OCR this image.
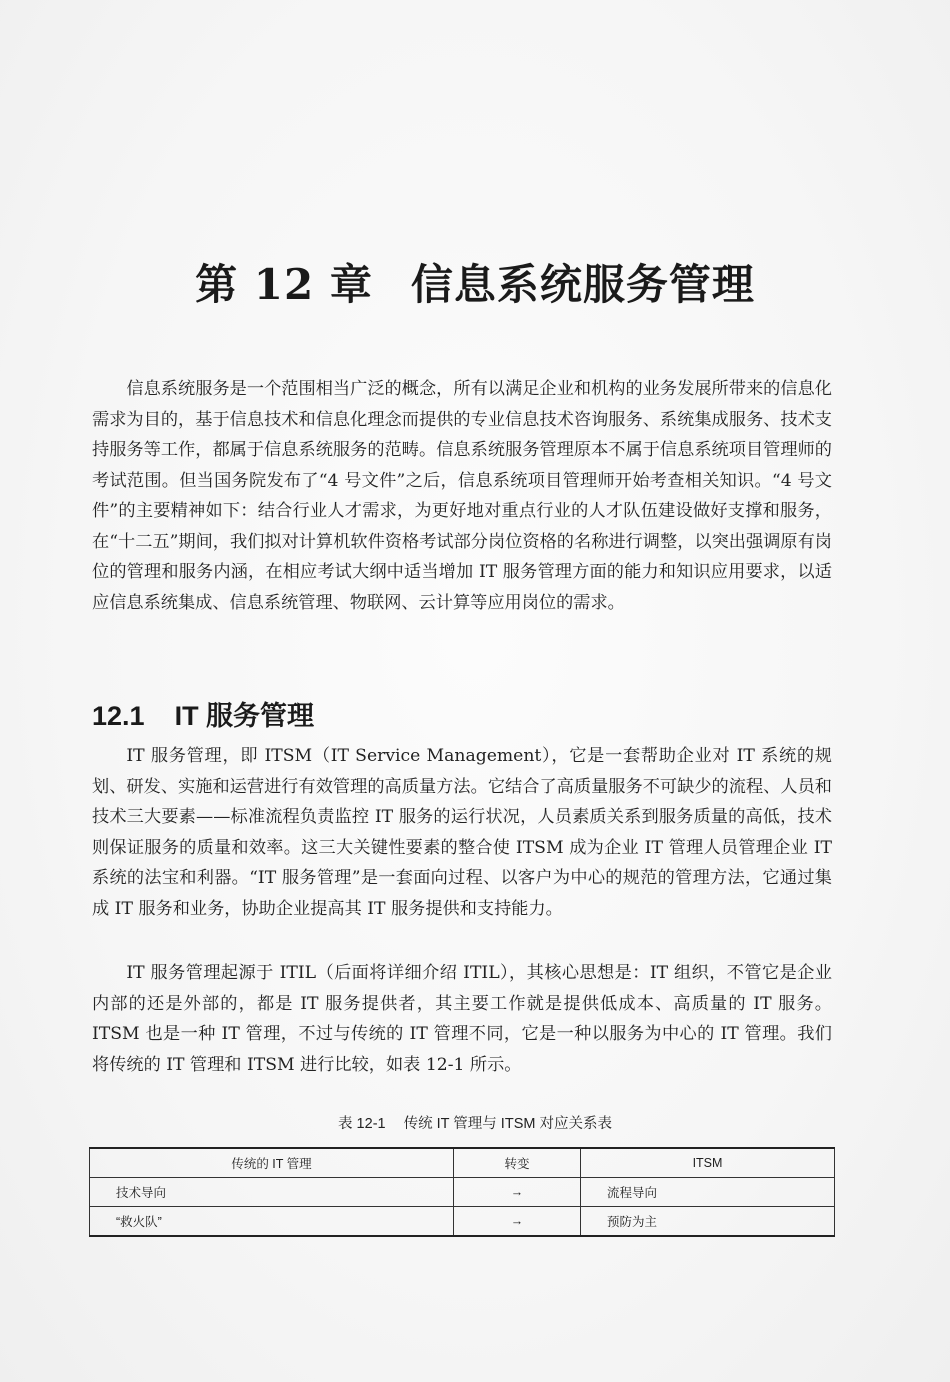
第 12 章 信息系统服务管理

信息系统服务是一个范围相当广泛的概念，所有以满足企业和机构的业务发展所带来的信息化需求为目的，基于信息技术和信息化理念而提供的专业信息技术咨询服务、系统集成服务、技术支持服务等工作，都属于信息系统服务的范畴。信息系统服务管理原本不属于信息系统项目管理师的考试范围。但当国务院发布了“4 号文件”之后，信息系统项目管理师开始考查相关知识。“4 号文件”的主要精神如下：结合行业人才需求，为更好地对重点行业的人才队伍建设做好支撑和服务，在“十二五”期间，我们拟对计算机软件资格考试部分岗位资格的名称进行调整，以突出强调原有岗位的管理和服务内涵，在相应考试大纲中适当增加 IT 服务管理方面的能力和知识应用要求，以适应信息系统集成、信息系统管理、物联网、云计算等应用岗位的需求。

12.1 IT 服务管理

IT 服务管理，即 ITSM（IT Service Management），它是一套帮助企业对 IT 系统的规划、研发、实施和运营进行有效管理的高质量方法。它结合了高质量服务不可缺少的流程、人员和技术三大要素——标准流程负责监控 IT 服务的运行状况，人员素质关系到服务质量的高低，技术则保证服务的质量和效率。这三大关键性要素的整合使 ITSM 成为企业 IT 管理人员管理企业 IT 系统的法宝和利器。“IT 服务管理”是一套面向过程、以客户为中心的规范的管理方法，它通过集成 IT 服务和业务，协助企业提高其 IT 服务提供和支持能力。

IT 服务管理起源于 ITIL（后面将详细介绍 ITIL），其核心思想是：IT 组织，不管它是企业内部的还是外部的，都是 IT 服务提供者，其主要工作就是提供低成本、高质量的 IT 服务。ITSM 也是一种 IT 管理，不过与传统的 IT 管理不同，它是一种以服务为中心的 IT 管理。我们将传统的 IT 管理和 ITSM 进行比较，如表 12-1 所示。

表 12-1 传统 IT 管理与 ITSM 对应关系表
传统的 IT 管理	转变	ITSM
技术导向	→	流程导向
“救火队”	→	预防为主
